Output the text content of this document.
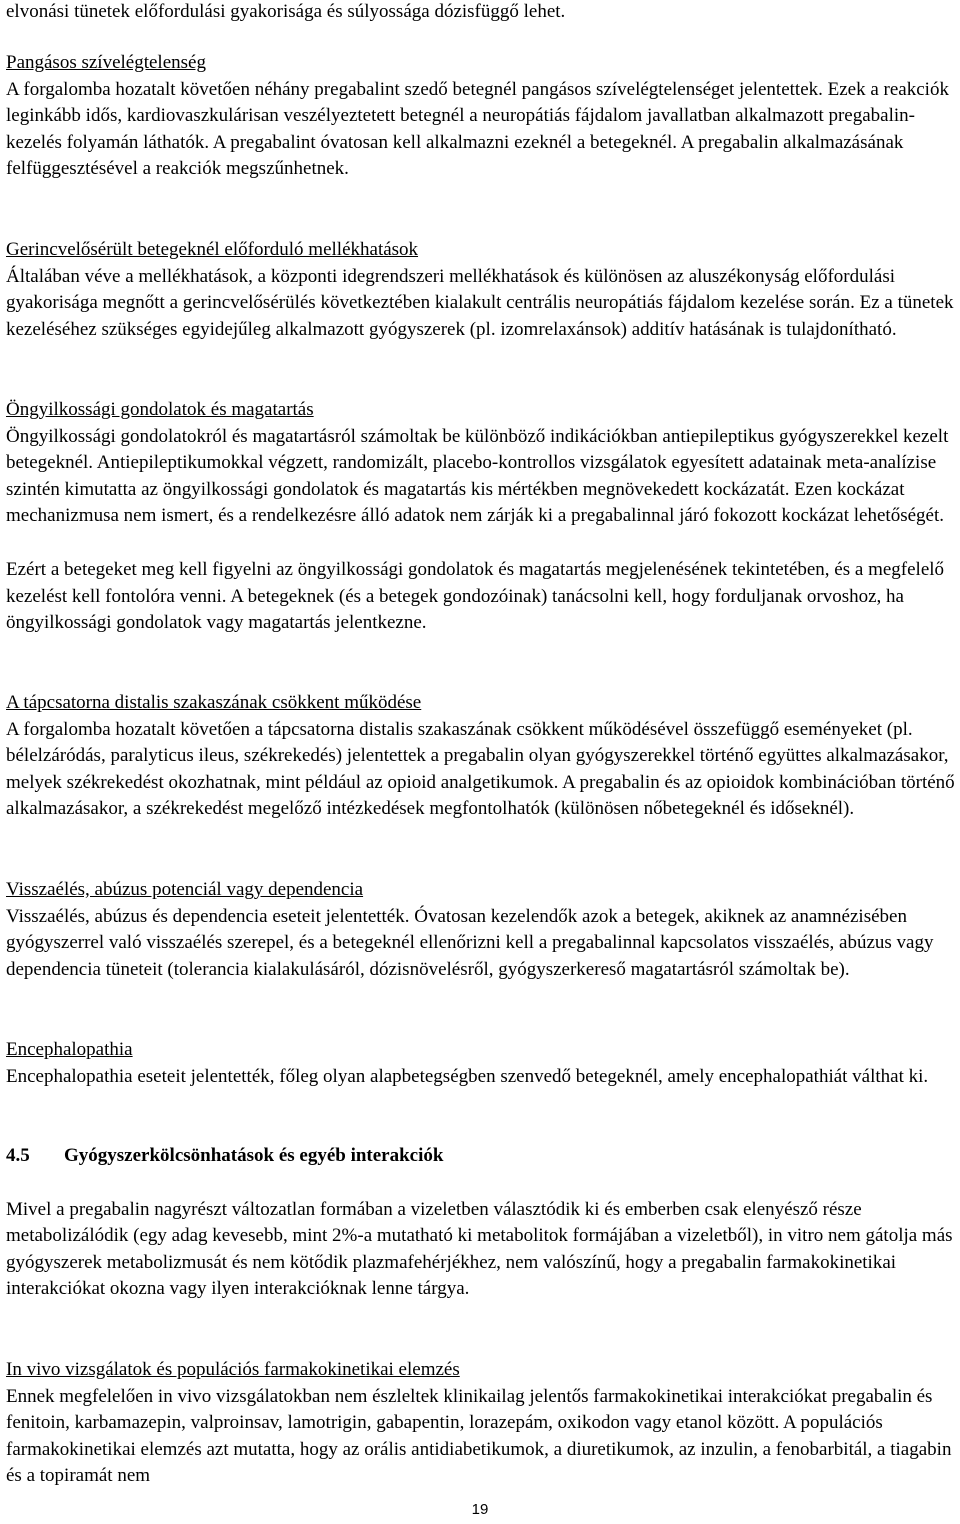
elvonási tünetek előfordulási gyakorisága és súlyossága dózisfüggő lehet.

Pangásos szívelégtelenség

A forgalomba hozatalt követően néhány pregabalint szedő betegnél pangásos szívelégtelenséget jelentettek. Ezek a reakciók leginkább idős, kardiovaszkulárisan veszélyeztetett betegnél a neuropátiás fájdalom javallatban alkalmazott pregabalin-kezelés folyamán láthatók. A pregabalint óvatosan kell alkalmazni ezeknél a betegeknél. A pregabalin alkalmazásának felfüggesztésével a reakciók megszűnhetnek.

Gerincvelősérült betegeknél előforduló mellékhatások

Általában véve a mellékhatások, a központi idegrendszeri mellékhatások és különösen az aluszékonyság előfordulási gyakorisága megnőtt a gerincvelősérülés következtében kialakult centrális neuropátiás fájdalom kezelése során. Ez a tünetek kezeléséhez szükséges egyidejűleg alkalmazott gyógyszerek (pl. izomrelaxánsok) additív hatásának is tulajdonítható.

Öngyilkossági gondolatok és magatartás

Öngyilkossági gondolatokról és magatartásról számoltak be különböző indikációkban antiepileptikus gyógyszerekkel kezelt betegeknél. Antiepileptikumokkal végzett, randomizált, placebo-kontrollos vizsgálatok egyesített adatainak meta-analízise szintén kimutatta az öngyilkossági gondolatok és magatartás kis mértékben megnövekedett kockázatát. Ezen kockázat mechanizmusa nem ismert, és a rendelkezésre álló adatok nem zárják ki a pregabalinnal járó fokozott kockázat lehetőségét.

Ezért a betegeket meg kell figyelni az öngyilkossági gondolatok és magatartás megjelenésének tekintetében, és a megfelelő kezelést kell fontolóra venni. A betegeknek (és a betegek gondozóinak) tanácsolni kell, hogy forduljanak orvoshoz, ha öngyilkossági gondolatok vagy magatartás jelentkezne.

A tápcsatorna distalis szakaszának csökkent működése

A forgalomba hozatalt követően a tápcsatorna distalis szakaszának csökkent működésével összefüggő eseményeket (pl. bélelzáródás, paralyticus ileus, székrekedés) jelentettek a pregabalin olyan gyógyszerekkel történő együttes alkalmazásakor, melyek székrekedést okozhatnak, mint például az opioid analgetikumok. A pregabalin és az opioidok kombinációban történő alkalmazásakor, a székrekedést megelőző intézkedések megfontolhatók (különösen nőbetegeknél és időseknél).

Visszaélés, abúzus potenciál vagy dependencia

Visszaélés, abúzus és dependencia eseteit jelentették. Óvatosan kezelendők azok a betegek, akiknek az anamnézisében gyógyszerrel való visszaélés szerepel, és a betegeknél ellenőrizni kell a pregabalinnal kapcsolatos visszaélés, abúzus vagy dependencia tüneteit (tolerancia kialakulásáról, dózisnövelésről, gyógyszerkereső magatartásról számoltak be).

Encephalopathia

Encephalopathia eseteit jelentették, főleg olyan alapbetegségben szenvedő betegeknél, amely encephalopathiát válthat ki.

4.5 Gyógyszerkölcsönhatások és egyéb interakciók

Mivel a pregabalin nagyrészt változatlan formában a vizeletben választódik ki és emberben csak elenyésző része metabolizálódik (egy adag kevesebb, mint 2%-a mutatható ki metabolitok formájában a vizeletből), in vitro nem gátolja más gyógyszerek metabolizmusát és nem kötődik plazmafehérjékhez, nem valószínű, hogy a pregabalin farmakokinetikai interakciókat okozna vagy ilyen interakcióknak lenne tárgya.

In vivo vizsgálatok és populációs farmakokinetikai elemzés

Ennek megfelelően in vivo vizsgálatokban nem észleltek klinikailag jelentős farmakokinetikai interakciókat pregabalin és fenitoin, karbamazepin, valproinsav, lamotrigin, gabapentin, lorazepám, oxikodon vagy etanol között. A populációs farmakokinetikai elemzés azt mutatta, hogy az orális antidiabetikumok, a diuretikumok, az inzulin, a fenobarbitál, a tiagabin és a topiramát nem

19
